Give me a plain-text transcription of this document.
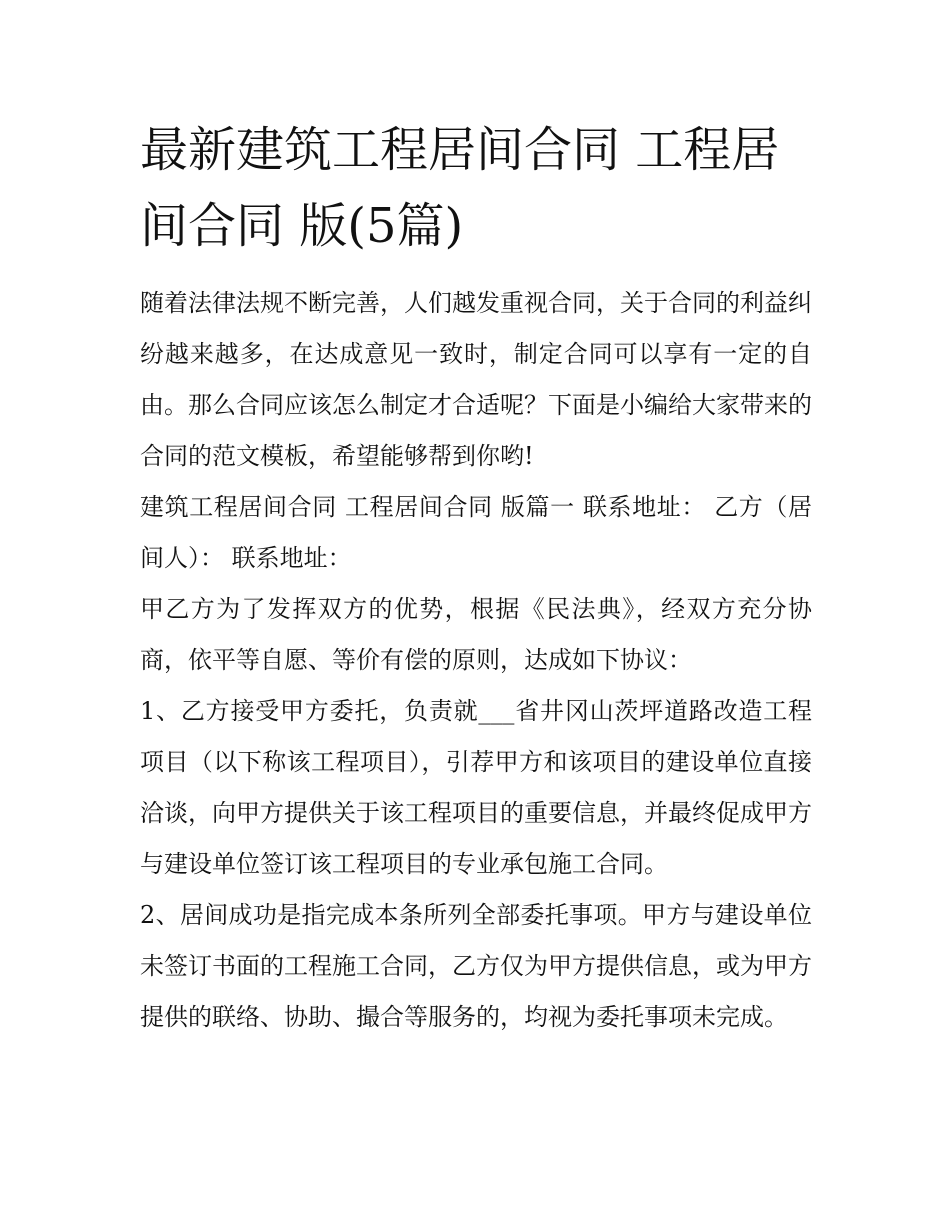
最新建筑工程居间合同 工程居间合同 版(5篇)

随着法律法规不断完善，人们越发重视合同，关于合同的利益纠纷越来越多，在达成意见一致时，制定合同可以享有一定的自由。那么合同应该怎么制定才合适呢？下面是小编给大家带来的合同的范文模板，希望能够帮到你哟!

建筑工程居间合同 工程居间合同 版篇一 联系地址： 乙方（居间人）： 联系地址：

甲乙方为了发挥双方的优势，根据《民法典》，经双方充分协商，依平等自愿、等价有偿的原则，达成如下协议：

1、乙方接受甲方委托，负责就___省井冈山茨坪道路改造工程项目（以下称该工程项目），引荐甲方和该项目的建设单位直接洽谈，向甲方提供关于该工程项目的重要信息，并最终促成甲方与建设单位签订该工程项目的专业承包施工合同。

2、居间成功是指完成本条所列全部委托事项。甲方与建设单位未签订书面的工程施工合同，乙方仅为甲方提供信息，或为甲方提供的联络、协助、撮合等服务的，均视为委托事项未完成。
